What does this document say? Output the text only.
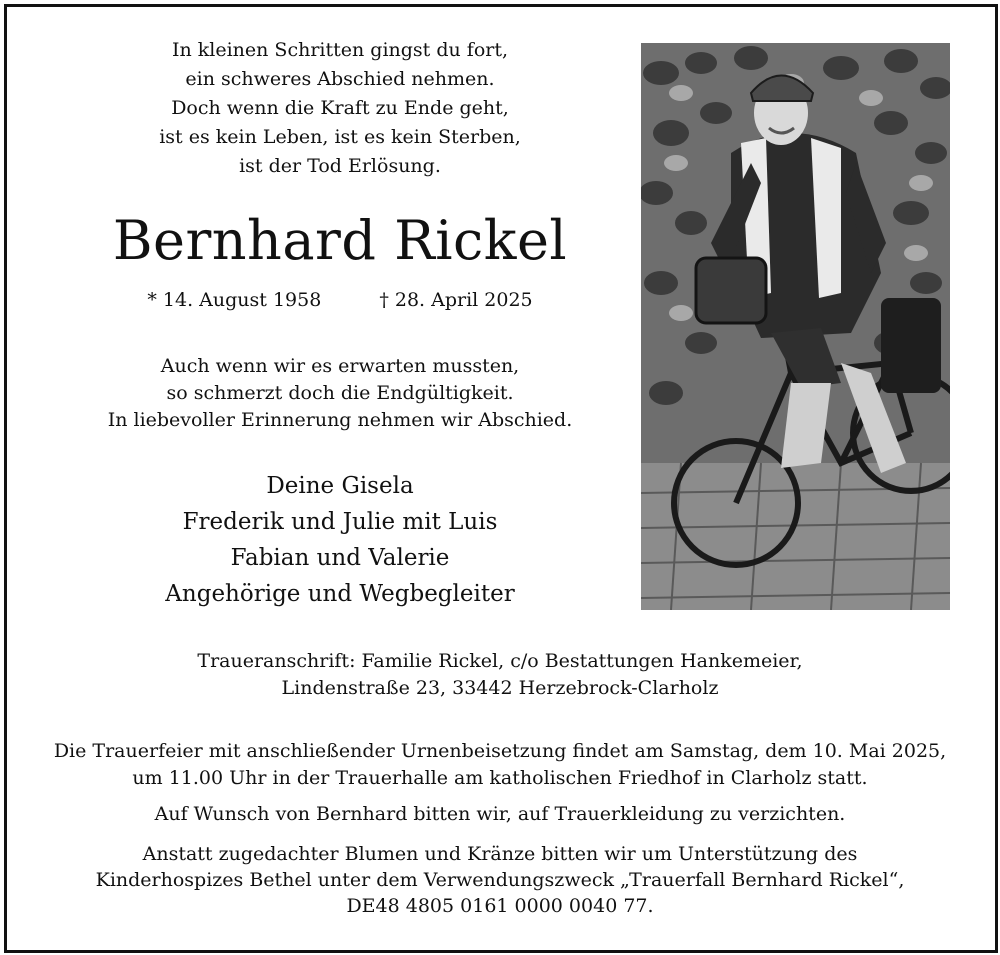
In kleinen Schritten gingst du fort,
ein schweres Abschied nehmen.
Doch wenn die Kraft zu Ende geht,
ist es kein Leben, ist es kein Sterben,
ist der Tod Erlösung.
Bernhard Rickel
* 14. August 1958	† 28. April 2025
Auch wenn wir es erwarten mussten,
so schmerzt doch die Endgültigkeit.
In liebevoller Erinnerung nehmen wir Abschied.
Deine Gisela
Frederik und Julie mit Luis
Fabian und Valerie
Angehörige und Wegbegleiter
Traueranschrift: Familie Rickel, c/o Bestattungen Hankemeier,
Lindenstraße 23, 33442 Herzebrock-Clarholz
Die Trauerfeier mit anschließender Urnenbeisetzung findet am Samstag, dem 10. Mai 2025,
um 11.00 Uhr in der Trauerhalle am katholischen Friedhof in Clarholz statt.
Auf Wunsch von Bernhard bitten wir, auf Trauerkleidung zu verzichten.
Anstatt zugedachter Blumen und Kränze bitten wir um Unterstützung des
Kinderhospizes Bethel unter dem Verwendungszweck „Trauerfall Bernhard Rickel“,
DE48 4805 0161 0000 0040 77.
